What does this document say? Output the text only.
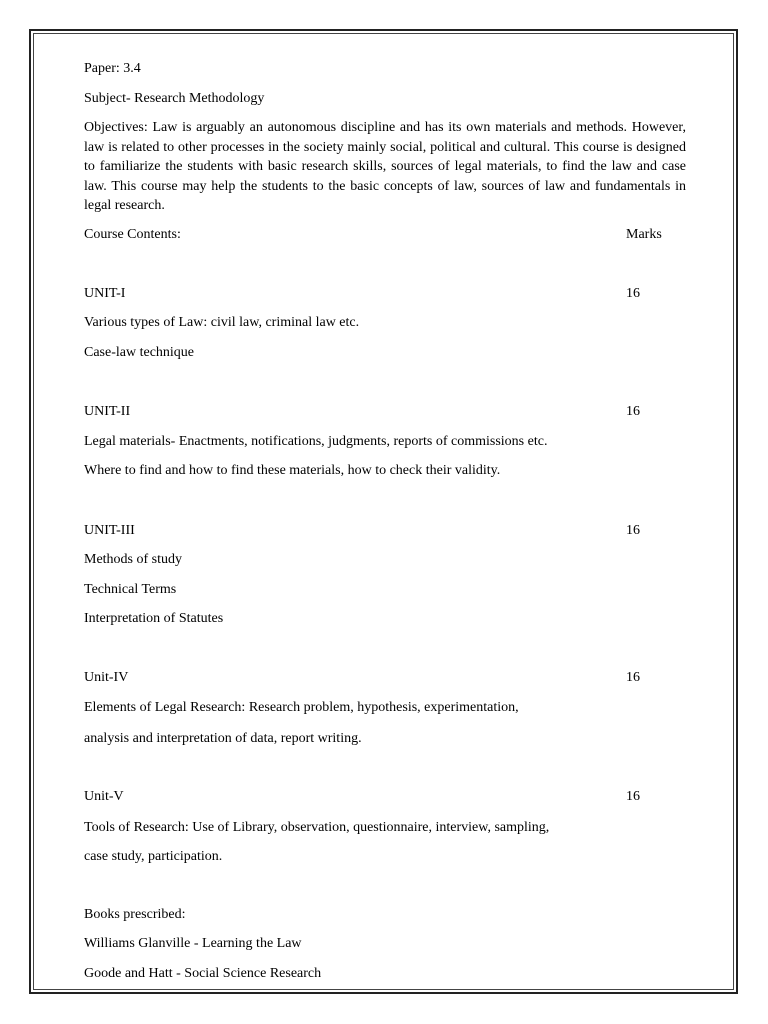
Paper: 3.4
Subject- Research Methodology

Objectives: Law is arguably an autonomous discipline and has its own materials and methods. However, law is related to other processes in the society mainly social, political and cultural. This course is designed to familiarize the students with basic research skills, sources of legal materials, to find the law and case law. This course may help the students to the basic concepts of law, sources of law and fundamentals in legal research.

Course Contents:	Marks
UNIT-I	16
Various types of Law: civil law, criminal law etc.
Case-law technique
UNIT-II	16
Legal materials- Enactments, notifications, judgments, reports of commissions etc.
Where to find and how to find these materials, how to check their validity.
UNIT-III	16
Methods of study
Technical Terms
Interpretation of Statutes
Unit-IV	16
Elements of Legal Research: Research problem, hypothesis, experimentation,
analysis and interpretation of data, report writing.
Unit-V	16
Tools of Research: Use of Library, observation, questionnaire, interview, sampling,
case study, participation.
Books prescribed:
Williams Glanville - Learning the Law
Goode and Hatt - Social Science Research
